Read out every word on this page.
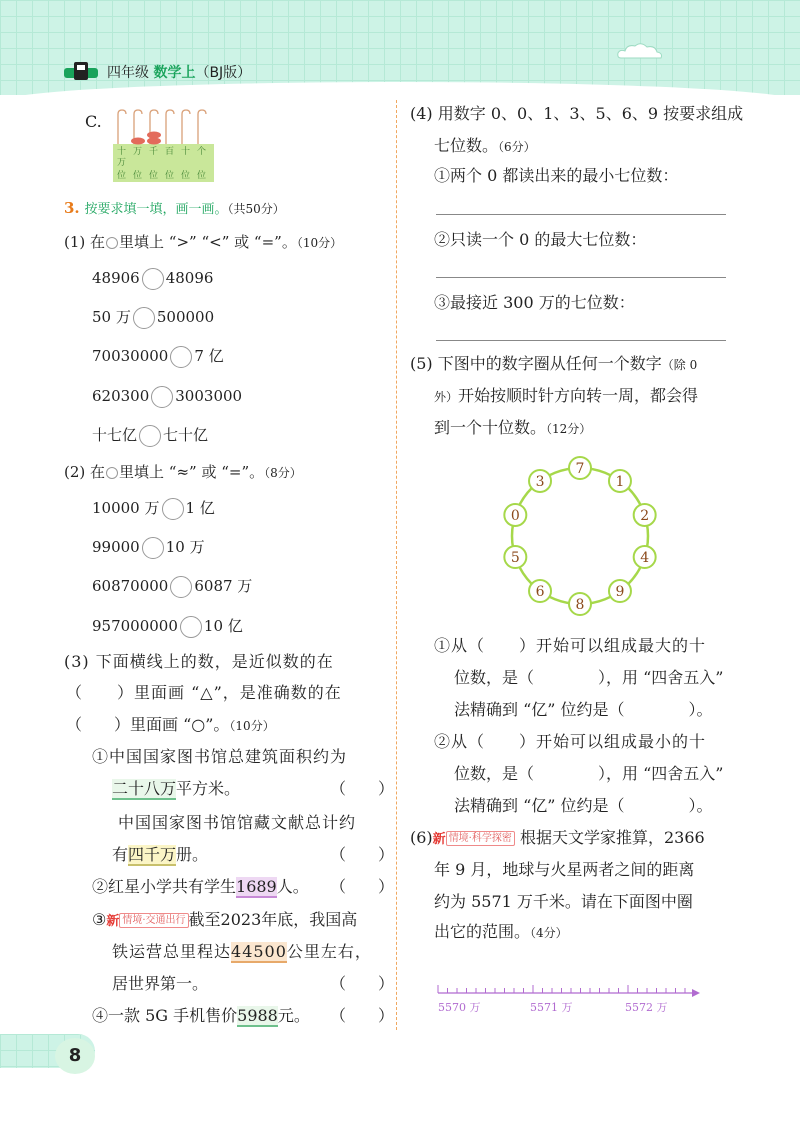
四年级 数学上（BJ版）
C.
十
万
位
万
位
千
位
百
位
十
位
个
位
3. 按要求填一填，画一画。（共50分）
(1) 在 里填上 “>” “<” 或 “=”。（10分）
48906 48096
50 万 500000
70030000 7 亿
620300 3003000
十七亿 七十亿
(2) 在 里填上 “≈” 或 “=”。（8分）
10000 万 1 亿
99000 10 万
60870000 6087 万
957000000 10 亿
(3) 下面横线上的数，是近似数的在
（　　）里面画 “△”，是准确数的在
（　　）里面画 “○”。（10分）
①中国国家图书馆总建筑面积约为
二十八万平方米。	（　　）
中国国家图书馆馆藏文献总计约
有四千万册。	（　　）
②红星小学共有学生1689人。 （　　）
③新 情境·交通出行 截至2023年底，我国高
铁运营总里程达44500公里左右，
居世界第一。	（　　）
④一款 5G 手机售价5988元。 （　　）
(4) 用数字 0、0、1、3、5、6、9 按要求组成
七位数。（6分）
①两个 0 都读出来的最小七位数：
②只读一个 0 的最大七位数：
③最接近 300 万的七位数：
(5) 下图中的数字圈从任何一个数字（除 0
外）开始按顺时针方向转一周，都会得
到一个十位数。（12分）
7
1
2
4
9
8
6
5
0
3
①从（　　）开始可以组成最大的十
位数，是（　　　　），用 “四舍五入”
法精确到 “亿” 位约是（　　　　）。
②从（　　）开始可以组成最小的十
位数，是（　　　　），用 “四舍五入”
法精确到 “亿” 位约是（　　　　）。
(6)新 情境·科学探密 根据天文学家推算，2366
年 9 月，地球与火星两者之间的距离
约为 5571 万千米。请在下面图中圈
出它的范围。（4分）
5570 万	5571 万	5572 万
8
